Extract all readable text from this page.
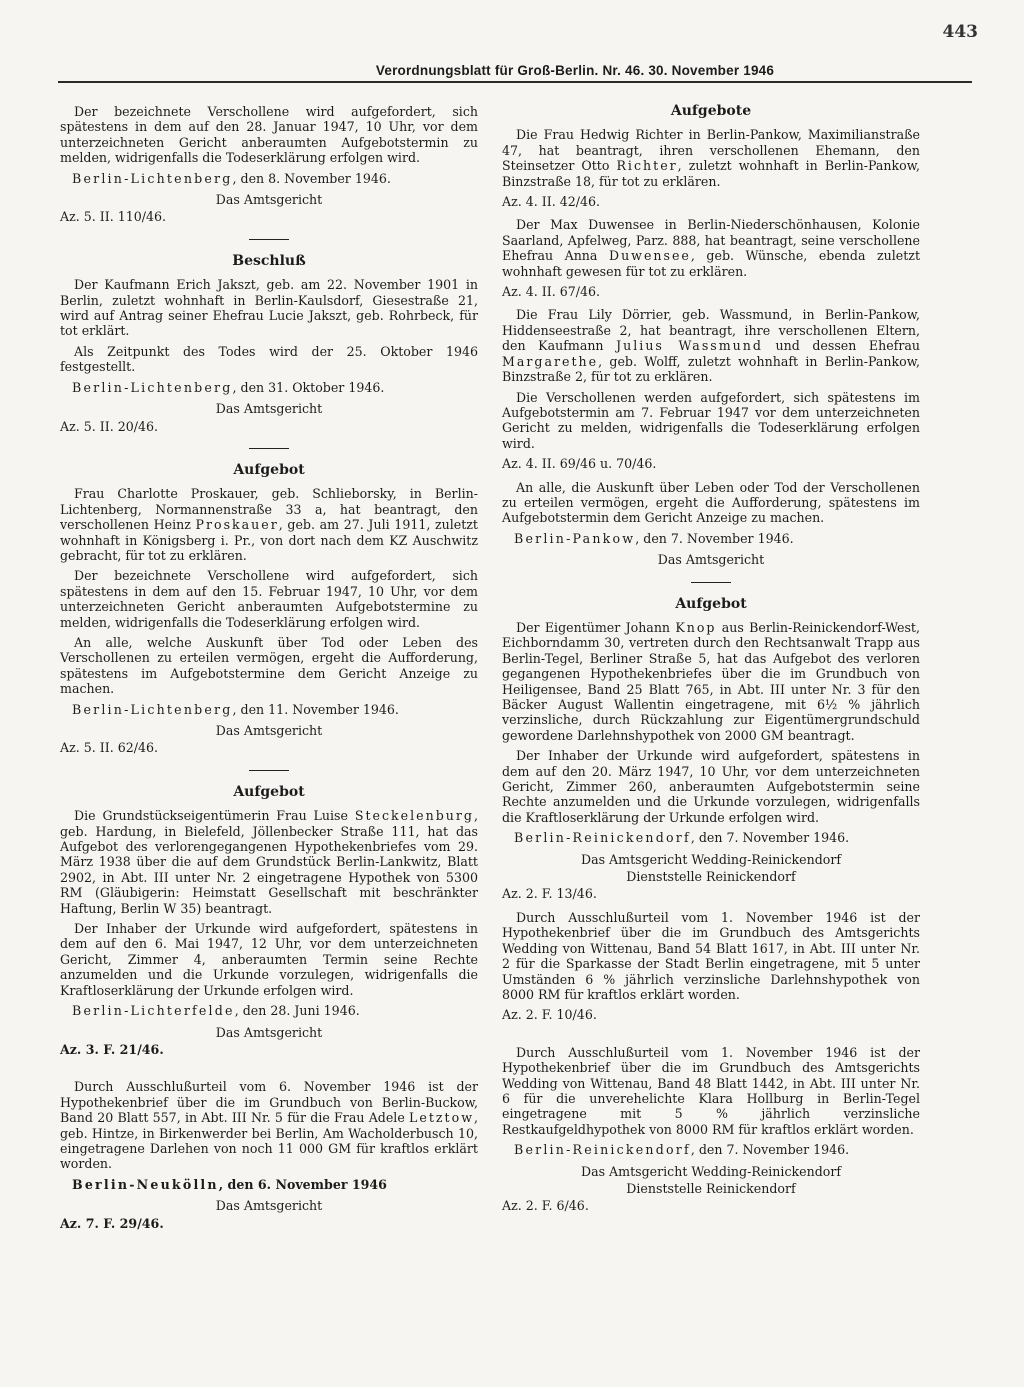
443
Verordnungsblatt für Groß-Berlin. Nr. 46. 30. November 1946

Der bezeichnete Verschollene wird aufgefordert, sich spätestens in dem auf den 28. Januar 1947, 10 Uhr, vor dem unterzeichneten Gericht anberaumten Aufgebotstermin zu melden, widrigenfalls die Todeserklärung erfolgen wird.

Berlin-Lichtenberg, den 8. November 1946.
Das Amtsgericht
Az. 5. II. 110/46.
Beschluß

Der Kaufmann Erich Jakszt, geb. am 22. November 1901 in Berlin, zuletzt wohnhaft in Berlin-Kaulsdorf, Giesestraße 21, wird auf Antrag seiner Ehefrau Lucie Jakszt, geb. Rohrbeck, für tot erklärt.

Als Zeitpunkt des Todes wird der 25. Oktober 1946 festgestellt.

Berlin-Lichtenberg, den 31. Oktober 1946.
Das Amtsgericht
Az. 5. II. 20/46.
Aufgebot

Frau Charlotte Proskauer, geb. Schlieborsky, in Berlin-Lichtenberg, Normannenstraße 33 a, hat beantragt, den verschollenen Heinz Proskauer, geb. am 27. Juli 1911, zuletzt wohnhaft in Königsberg i. Pr., von dort nach dem KZ Auschwitz gebracht, für tot zu erklären.

Der bezeichnete Verschollene wird aufgefordert, sich spätestens in dem auf den 15. Februar 1947, 10 Uhr, vor dem unterzeichneten Gericht anberaumten Aufgebotstermine zu melden, widrigenfalls die Todeserklärung erfolgen wird.

An alle, welche Auskunft über Tod oder Leben des Verschollenen zu erteilen vermögen, ergeht die Aufforderung, spätestens im Aufgebotstermine dem Gericht Anzeige zu machen.

Berlin-Lichtenberg, den 11. November 1946.
Das Amtsgericht
Az. 5. II. 62/46.
Aufgebot

Die Grundstückseigentümerin Frau Luise Steckelenburg, geb. Hardung, in Bielefeld, Jöllenbecker Straße 111, hat das Aufgebot des verlorengegangenen Hypothekenbriefes vom 29. März 1938 über die auf dem Grundstück Berlin-Lankwitz, Blatt 2902, in Abt. III unter Nr. 2 eingetragene Hypothek von 5300 RM (Gläubigerin: Heimstatt Gesellschaft mit beschränkter Haftung, Berlin W 35) beantragt.

Der Inhaber der Urkunde wird aufgefordert, spätestens in dem auf den 6. Mai 1947, 12 Uhr, vor dem unterzeichneten Gericht, Zimmer 4, anberaumten Termin seine Rechte anzumelden und die Urkunde vorzulegen, widrigenfalls die Kraftloserklärung der Urkunde erfolgen wird.

Berlin-Lichterfelde, den 28. Juni 1946.
Das Amtsgericht
Az. 3. F. 21/46.

Durch Ausschlußurteil vom 6. November 1946 ist der Hypothekenbrief über die im Grundbuch von Berlin-Buckow, Band 20 Blatt 557, in Abt. III Nr. 5 für die Frau Adele Letztow, geb. Hintze, in Birkenwerder bei Berlin, Am Wacholderbusch 10, eingetragene Darlehen von noch 11 000 GM für kraftlos erklärt worden.

Berlin-Neukölln, den 6. November 1946
Das Amtsgericht
Az. 7. F. 29/46.
Aufgebote

Die Frau Hedwig Richter in Berlin-Pankow, Maximilianstraße 47, hat beantragt, ihren verschollenen Ehemann, den Steinsetzer Otto Richter, zuletzt wohnhaft in Berlin-Pankow, Binzstraße 18, für tot zu erklären.

Az. 4. II. 42/46.

Der Max Duwensee in Berlin-Niederschönhausen, Kolonie Saarland, Apfelweg, Parz. 888, hat beantragt, seine verschollene Ehefrau Anna Duwensee, geb. Wünsche, ebenda zuletzt wohnhaft gewesen für tot zu erklären.

Az. 4. II. 67/46.

Die Frau Lily Dörrier, geb. Wassmund, in Berlin-Pankow, Hiddenseestraße 2, hat beantragt, ihre verschollenen Eltern, den Kaufmann Julius Wassmund und dessen Ehefrau Margarethe, geb. Wolff, zuletzt wohnhaft in Berlin-Pankow, Binzstraße 2, für tot zu erklären.

Die Verschollenen werden aufgefordert, sich spätestens im Aufgebotstermin am 7. Februar 1947 vor dem unterzeichneten Gericht zu melden, widrigenfalls die Todeserklärung erfolgen wird.

Az. 4. II. 69/46 u. 70/46.

An alle, die Auskunft über Leben oder Tod der Verschollenen zu erteilen vermögen, ergeht die Aufforderung, spätestens im Aufgebotstermin dem Gericht Anzeige zu machen.

Berlin-Pankow, den 7. November 1946.
Das Amtsgericht
Aufgebot

Der Eigentümer Johann Knop aus Berlin-Reinickendorf-West, Eichborndamm 30, vertreten durch den Rechtsanwalt Trapp aus Berlin-Tegel, Berliner Straße 5, hat das Aufgebot des verloren gegangenen Hypothekenbriefes über die im Grundbuch von Heiligensee, Band 25 Blatt 765, in Abt. III unter Nr. 3 für den Bäcker August Wallentin eingetragene, mit 6½ % jährlich verzinsliche, durch Rückzahlung zur Eigentümergrundschuld gewordene Darlehnshypothek von 2000 GM beantragt.

Der Inhaber der Urkunde wird aufgefordert, spätestens in dem auf den 20. März 1947, 10 Uhr, vor dem unterzeichneten Gericht, Zimmer 260, anberaumten Aufgebotstermin seine Rechte anzumelden und die Urkunde vorzulegen, widrigenfalls die Kraftloserklärung der Urkunde erfolgen wird.

Berlin-Reinickendorf, den 7. November 1946.
Das Amtsgericht Wedding-Reinickendorf
Dienststelle Reinickendorf
Az. 2. F. 13/46.

Durch Ausschlußurteil vom 1. November 1946 ist der Hypothekenbrief über die im Grundbuch des Amtsgerichts Wedding von Wittenau, Band 54 Blatt 1617, in Abt. III unter Nr. 2 für die Sparkasse der Stadt Berlin eingetragene, mit 5 unter Umständen 6 % jährlich verzinsliche Darlehnshypothek von 8000 RM für kraftlos erklärt worden.

Az. 2. F. 10/46.

Durch Ausschlußurteil vom 1. November 1946 ist der Hypothekenbrief über die im Grundbuch des Amtsgerichts Wedding von Wittenau, Band 48 Blatt 1442, in Abt. III unter Nr. 6 für die unverehelichte Klara Hollburg in Berlin-Tegel eingetragene mit 5 % jährlich verzinsliche Restkaufgeldhypothek von 8000 RM für kraftlos erklärt worden.

Berlin-Reinickendorf, den 7. November 1946.
Das Amtsgericht Wedding-Reinickendorf
Dienststelle Reinickendorf
Az. 2. F. 6/46.
